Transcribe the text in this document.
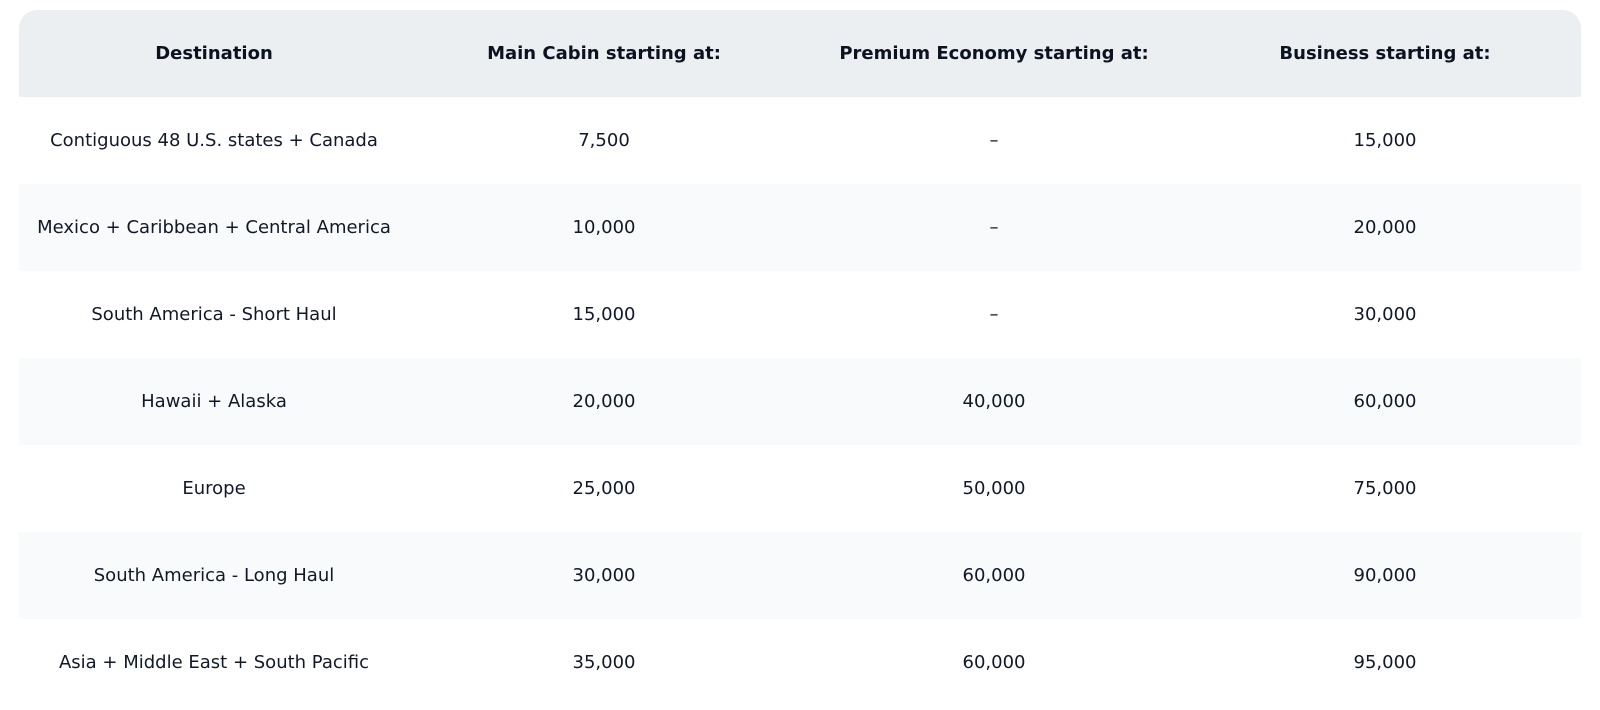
Destination	Main Cabin starting at:	Premium Economy starting at:	Business starting at:
Contiguous 48 U.S. states + Canada	7,500	–	15,000
Mexico + Caribbean + Central America	10,000	–	20,000
South America - Short Haul	15,000	–	30,000
Hawaii + Alaska	20,000	40,000	60,000
Europe	25,000	50,000	75,000
South America - Long Haul	30,000	60,000	90,000
Asia + Middle East + South Pacific	35,000	60,000	95,000
